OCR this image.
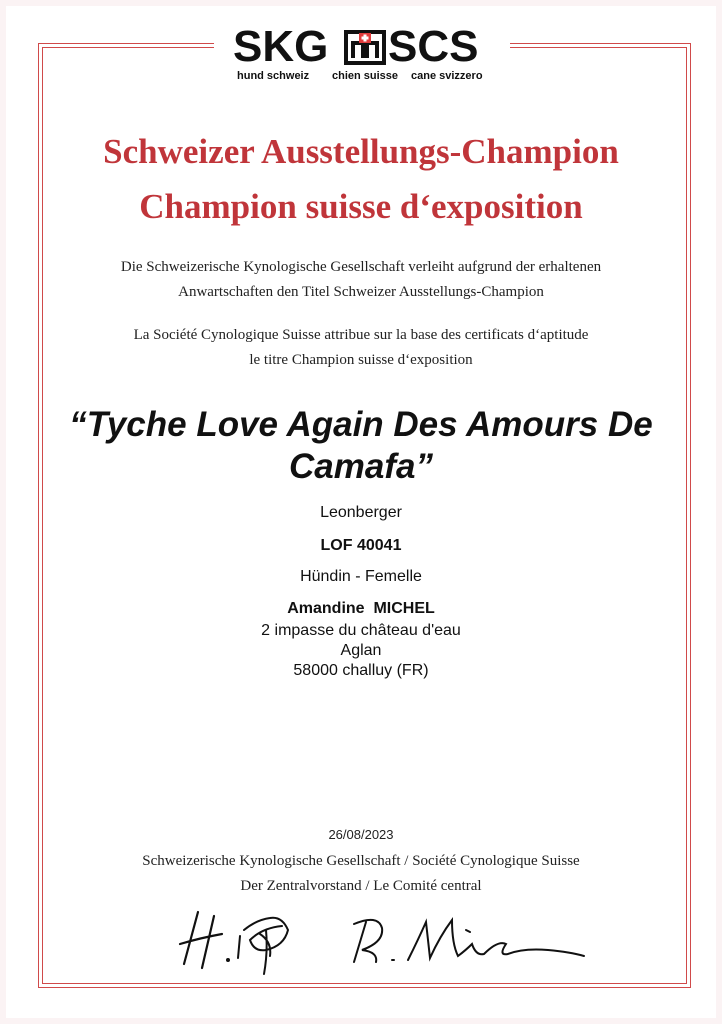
SKG SCS
hund schweiz chien suisse cane svizzero
Schweizer Ausstellungs-Champion
Champion suisse d‘exposition
Die Schweizerische Kynologische Gesellschaft verleiht aufgrund der erhaltenen
Anwartschaften den Titel Schweizer Ausstellungs-Champion
La Société Cynologique Suisse attribue sur la base des certificats d‘aptitude
le titre Champion suisse d‘exposition
“Tyche Love Again Des Amours De Camafa”
Leonberger
LOF 40041
Hündin - Femelle
Amandine  MICHEL
2 impasse du château d'eau
Aglan
58000 challuy (FR)
26/08/2023
Schweizerische Kynologische Gesellschaft / Société Cynologique Suisse
Der Zentralvorstand / Le Comité central
